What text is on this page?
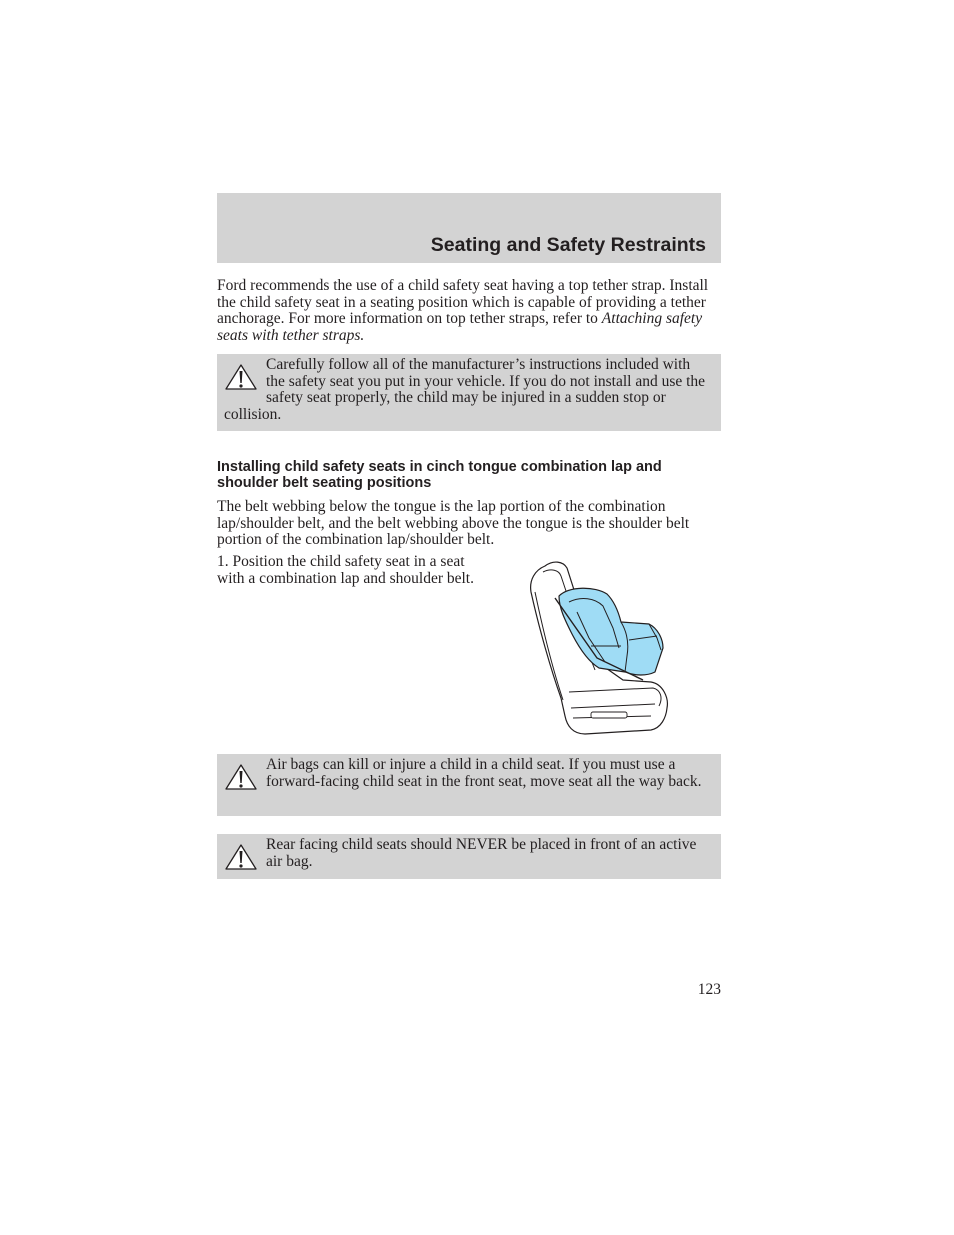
Seating and Safety Restraints

Ford recommends the use of a child safety seat having a top tether strap. Install the child safety seat in a seating position which is capable of providing a tether anchorage. For more information on top tether straps, refer to Attaching safety seats with tether straps.

Carefully follow all of the manufacturer’s instructions included with the safety seat you put in your vehicle. If you do not install and use the safety seat properly, the child may be injured in a sudden stop or collision.

Installing child safety seats in cinch tongue combination lap and shoulder belt seating positions

The belt webbing below the tongue is the lap portion of the combination lap/shoulder belt, and the belt webbing above the tongue is the shoulder belt portion of the combination lap/shoulder belt.

1. Position the child safety seat in a seat with a combination lap and shoulder belt.

Air bags can kill or injure a child in a child seat. If you must use a forward-facing child seat in the front seat, move seat all the way back.

Rear facing child seats should NEVER be placed in front of an active air bag.

123
